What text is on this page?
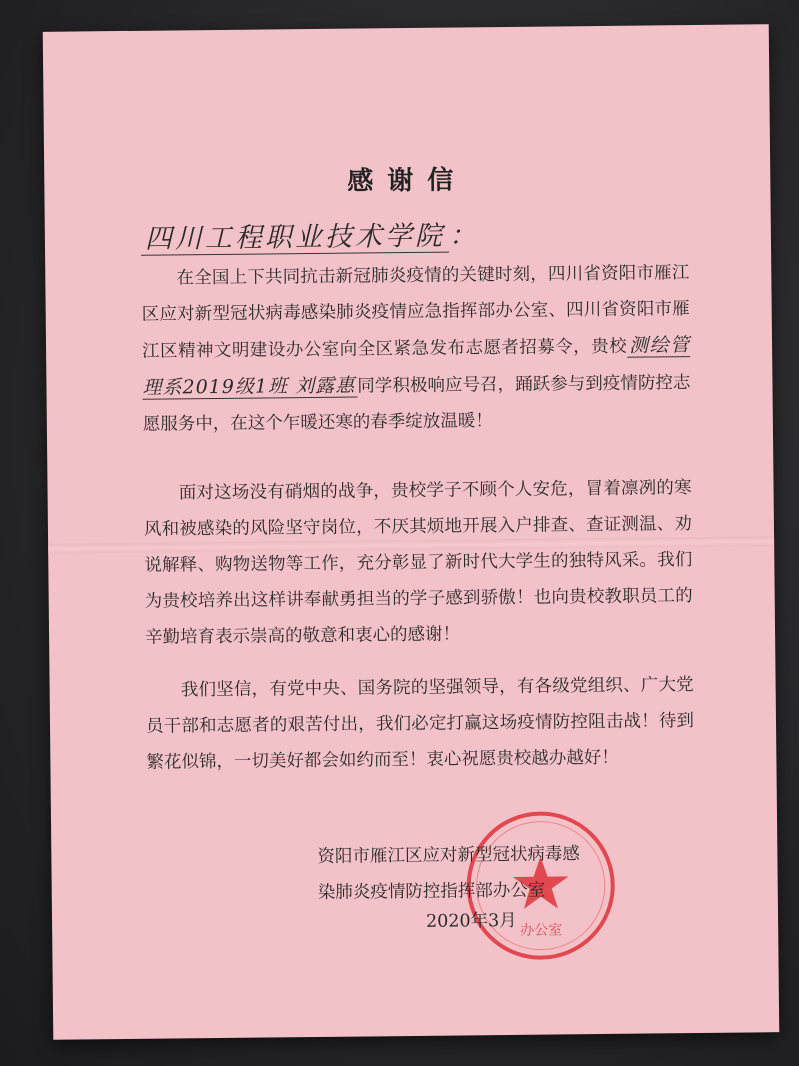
感谢信
四川工程职业技术学院 ：
在全国上下共同抗击新冠肺炎疫情的关键时刻，四川省资阳市雁江区应对新型冠状病毒感染肺炎疫情应急指挥部办公室、四川省资阳市雁江区精神文明建设办公室向全区紧急发布志愿者招募令，贵校测绘管理系2019级1班 刘露惠 同学积极响应号召，踊跃参与到疫情防控志愿服务中，在这个乍暖还寒的春季绽放温暖！
面对这场没有硝烟的战争，贵校学子不顾个人安危，冒着凛冽的寒风和被感染的风险坚守岗位，不厌其烦地开展入户排查、查证测温、劝说解释、购物送物等工作，充分彰显了新时代大学生的独特风采。我们为贵校培养出这样讲奉献勇担当的学子感到骄傲！也向贵校教职员工的辛勤培育表示崇高的敬意和衷心的感谢！
我们坚信，有党中央、国务院的坚强领导，有各级党组织、广大党员干部和志愿者的艰苦付出，我们必定打赢这场疫情防控阻击战！待到繁花似锦，一切美好都会如约而至！衷心祝愿贵校越办越好！
办公室
资阳市雁江区应对新型冠状病毒感
染肺炎疫情防控指挥部办公室
2020年3月
